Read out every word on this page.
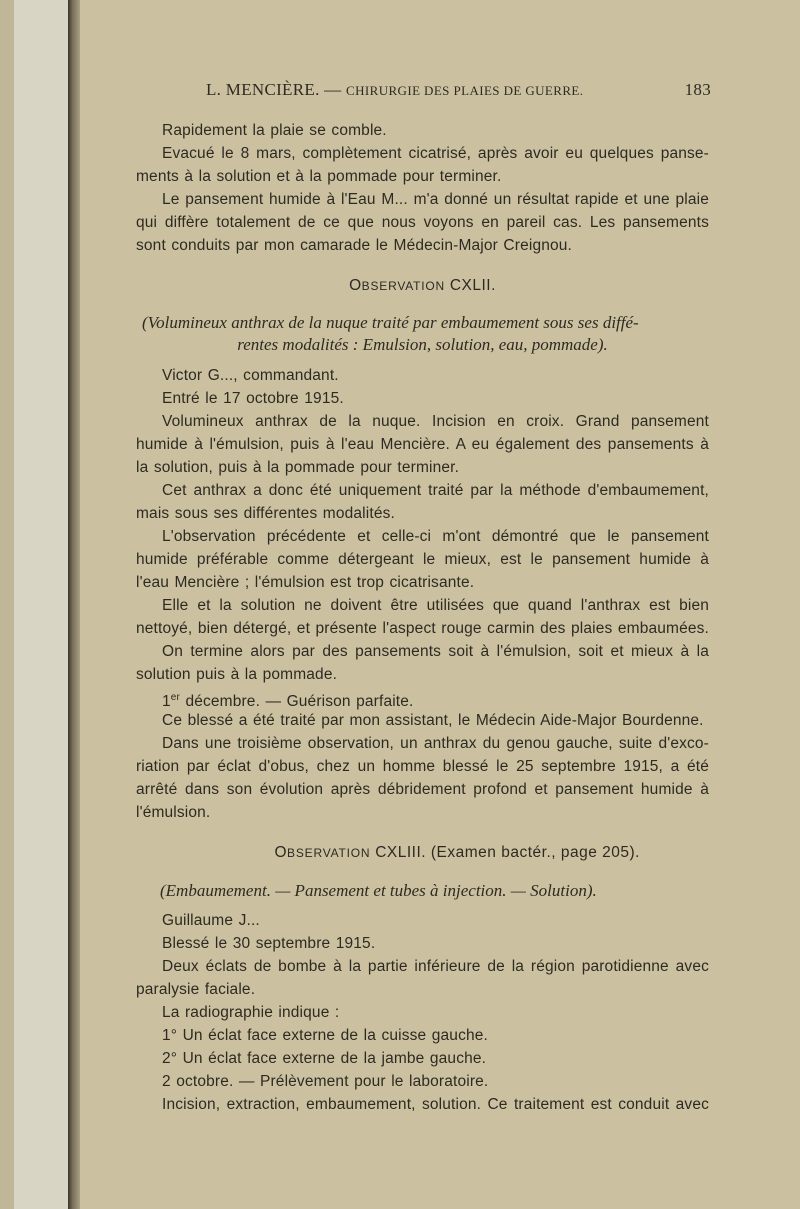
L. MENCIÈRE. — CHIRURGIE DES PLAIES DE GUERRE.	183
Rapidement la plaie se comble.
Evacué le 8 mars, complètement cicatrisé, après avoir eu quelques panse-
ments à la solution et à la pommade pour terminer.
Le pansement humide à l'Eau M... m'a donné un résultat rapide et une plaie
qui diffère totalement de ce que nous voyons en pareil cas. Les pansements
sont conduits par mon camarade le Médecin-Major Creignou.
OBSERVATION CXLII.
(Volumineux anthrax de la nuque traité par embaumement sous ses diffé-
rentes modalités : Emulsion, solution, eau, pommade).
Victor G..., commandant.
Entré le 17 octobre 1915.
Volumineux anthrax de la nuque. Incision en croix. Grand pansement
humide à l'émulsion, puis à l'eau Mencière. A eu également des pansements à
la solution, puis à la pommade pour terminer.
Cet anthrax a donc été uniquement traité par la méthode d'embaumement,
mais sous ses différentes modalités.
L'observation précédente et celle-ci m'ont démontré que le pansement
humide préférable comme détergeant le mieux, est le pansement humide à
l'eau Mencière ; l'émulsion est trop cicatrisante.
Elle et la solution ne doivent être utilisées que quand l'anthrax est bien
nettoyé, bien détergé, et présente l'aspect rouge carmin des plaies embaumées.
On termine alors par des pansements soit à l'émulsion, soit et mieux à la
solution puis à la pommade.
1er décembre. — Guérison parfaite.
Ce blessé a été traité par mon assistant, le Médecin Aide-Major Bourdenne.
Dans une troisième observation, un anthrax du genou gauche, suite d'exco-
riation par éclat d'obus, chez un homme blessé le 25 septembre 1915, a été
arrêté dans son évolution après débridement profond et pansement humide à
l'émulsion.
OBSERVATION CXLIII. (Examen bactér., page 205).
(Embaumement. — Pansement et tubes à injection. — Solution).
Guillaume J...
Blessé le 30 septembre 1915.
Deux éclats de bombe à la partie inférieure de la région parotidienne avec
paralysie faciale.
La radiographie indique :
1° Un éclat face externe de la cuisse gauche.
2° Un éclat face externe de la jambe gauche.
2 octobre. — Prélèvement pour le laboratoire.
Incision, extraction, embaumement, solution. Ce traitement est conduit avec
